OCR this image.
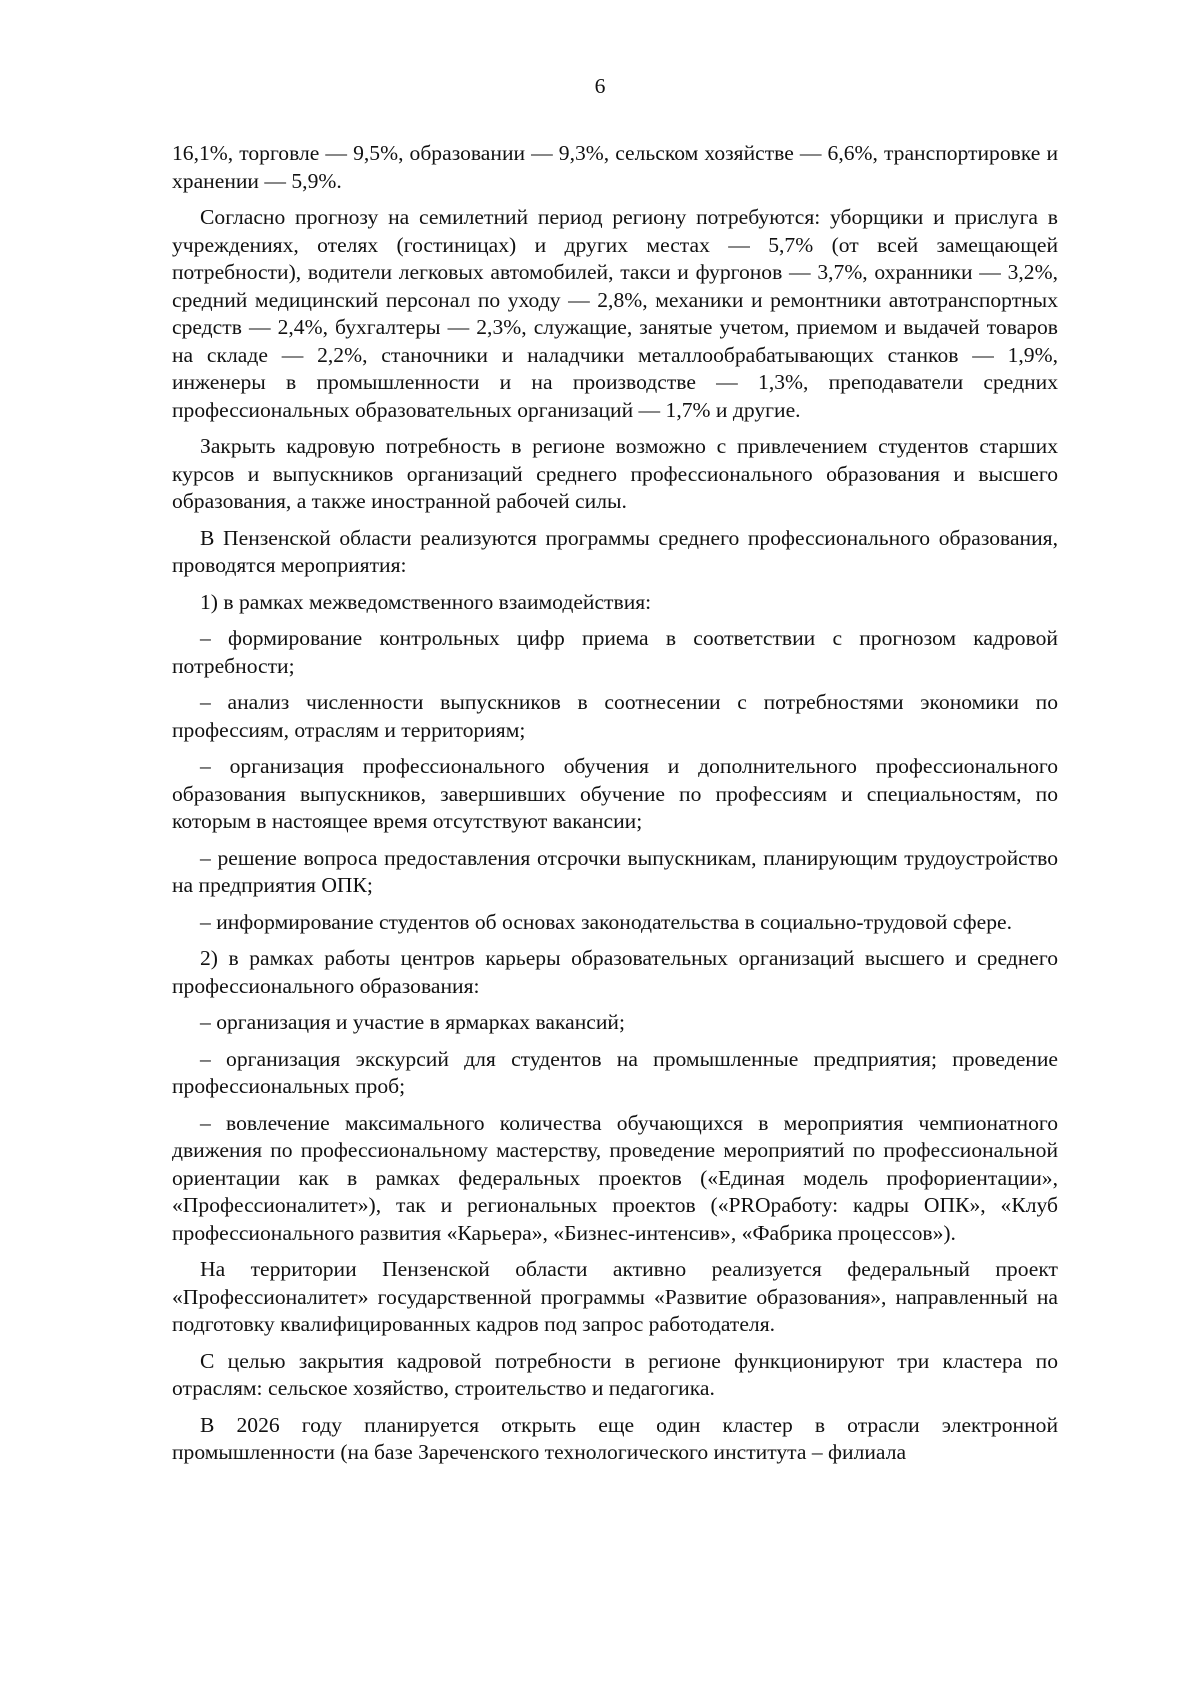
6

16,1%, торговле — 9,5%, образовании — 9,3%, сельском хозяйстве — 6,6%, транспортировке и хранении — 5,9%.

Согласно прогнозу на семилетний период региону потребуются: уборщики и прислуга в учреждениях, отелях (гостиницах) и других местах — 5,7% (от всей замещающей потребности), водители легковых автомобилей, такси и фургонов — 3,7%, охранники — 3,2%, средний медицинский персонал по уходу — 2,8%, механики и ремонтники автотранспортных средств — 2,4%, бухгалтеры — 2,3%, служащие, занятые учетом, приемом и выдачей товаров на складе — 2,2%, станочники и наладчики металлообрабатывающих станков — 1,9%, инженеры в промышленности и на производстве — 1,3%, преподаватели средних профессиональных образовательных организаций — 1,7% и другие.

Закрыть кадровую потребность в регионе возможно с привлечением студентов старших курсов и выпускников организаций среднего профессионального образования и высшего образования, а также иностранной рабочей силы.

В Пензенской области реализуются программы среднего профессионального образования, проводятся мероприятия:

1) в рамках межведомственного взаимодействия:

– формирование контрольных цифр приема в соответствии с прогнозом кадровой потребности;

– анализ численности выпускников в соотнесении с потребностями экономики по профессиям, отраслям и территориям;

– организация профессионального обучения и дополнительного профессионального образования выпускников, завершивших обучение по профессиям и специальностям, по которым в настоящее время отсутствуют вакансии;

– решение вопроса предоставления отсрочки выпускникам, планирующим трудоустройство на предприятия ОПК;

– информирование студентов об основах законодательства в социально-трудовой сфере.

2) в рамках работы центров карьеры образовательных организаций высшего и среднего профессионального образования:

– организация и участие в ярмарках вакансий;

– организация экскурсий для студентов на промышленные предприятия; проведение профессиональных проб;

– вовлечение максимального количества обучающихся в мероприятия чемпионатного движения по профессиональному мастерству, проведение мероприятий по профессиональной ориентации как в рамках федеральных проектов («Единая модель профориентации», «Профессионалитет»), так и региональных проектов («PROработу: кадры ОПК», «Клуб профессионального развития «Карьера», «Бизнес-интенсив», «Фабрика процессов»).

На территории Пензенской области активно реализуется федеральный проект «Профессионалитет» государственной программы «Развитие образования», направленный на подготовку квалифицированных кадров под запрос работодателя.

С целью закрытия кадровой потребности в регионе функционируют три кластера по отраслям: сельское хозяйство, строительство и педагогика.

В 2026 году планируется открыть еще один кластер в отрасли электронной промышленности (на базе Зареченского технологического института – филиала
